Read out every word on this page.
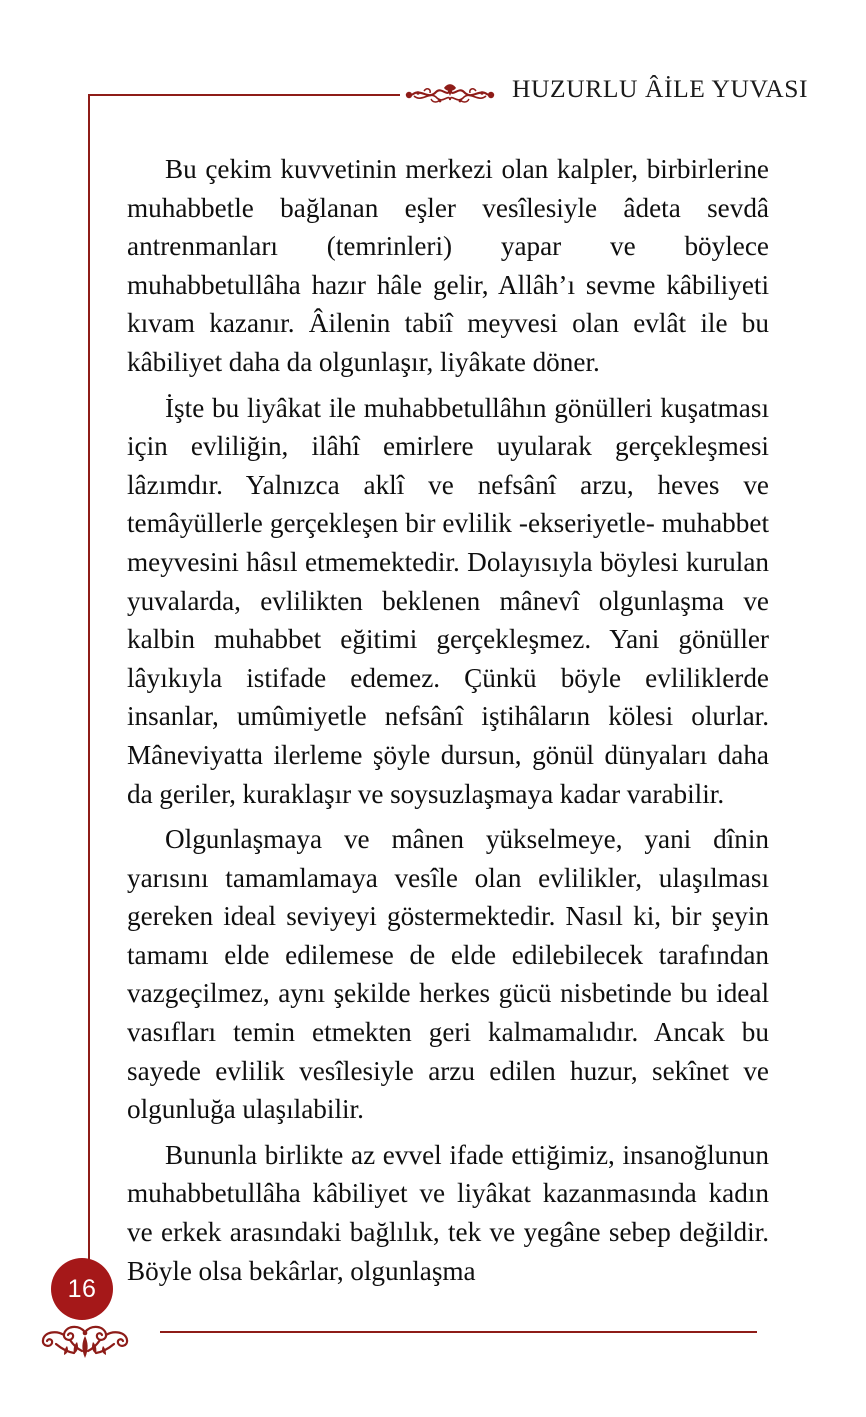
HUZURLU ÂİLE YUVASI

Bu çekim kuvvetinin merkezi olan kalpler, birbirlerine muhabbetle bağlanan eşler vesîlesiyle âdeta sevdâ antrenmanları (temrinleri) yapar ve böylece muhabbetullâha hazır hâle gelir, Allâh’ı sevme kâbiliyeti kıvam kazanır. Âilenin tabiî meyvesi olan evlât ile bu kâbiliyet daha da olgunlaşır, liyâkate döner.

İşte bu liyâkat ile muhabbetullâhın gönülleri kuşatması için evliliğin, ilâhî emirlere uyularak gerçekleşmesi lâzımdır. Yalnızca aklî ve nefsânî arzu, heves ve temâyüllerle gerçekleşen bir evlilik -ekseriyetle- muhabbet meyvesini hâsıl etmemektedir. Dolayısıyla böylesi kurulan yuvalarda, evlilikten beklenen mânevî olgunlaşma ve kalbin muhabbet eğitimi gerçekleşmez. Yani gönüller lâyıkıyla istifade edemez. Çünkü böyle evliliklerde insanlar, umûmiyetle nefsânî iştihâların kölesi olurlar. Mâneviyatta ilerleme şöyle dursun, gönül dünyaları daha da geriler, kuraklaşır ve soysuzlaşmaya kadar varabilir.

Olgunlaşmaya ve mânen yükselmeye, yani dînin yarısını tamamlamaya vesîle olan evlilikler, ulaşılması gereken ideal seviyeyi göstermektedir. Nasıl ki, bir şeyin tamamı elde edilemese de elde edilebilecek tarafından vazgeçilmez, aynı şekilde herkes gücü nisbetinde bu ideal vasıfları temin etmekten geri kalmamalıdır. Ancak bu sayede evlilik vesîlesiyle arzu edilen huzur, sekînet ve olgunluğa ulaşılabilir.

Bununla birlikte az evvel ifade ettiğimiz, insanoğlunun muhabbetullâha kâbiliyet ve liyâkat kazanmasında kadın ve erkek arasındaki bağlılık, tek ve yegâne sebep değildir. Böyle olsa bekârlar, olgunlaşma

16
